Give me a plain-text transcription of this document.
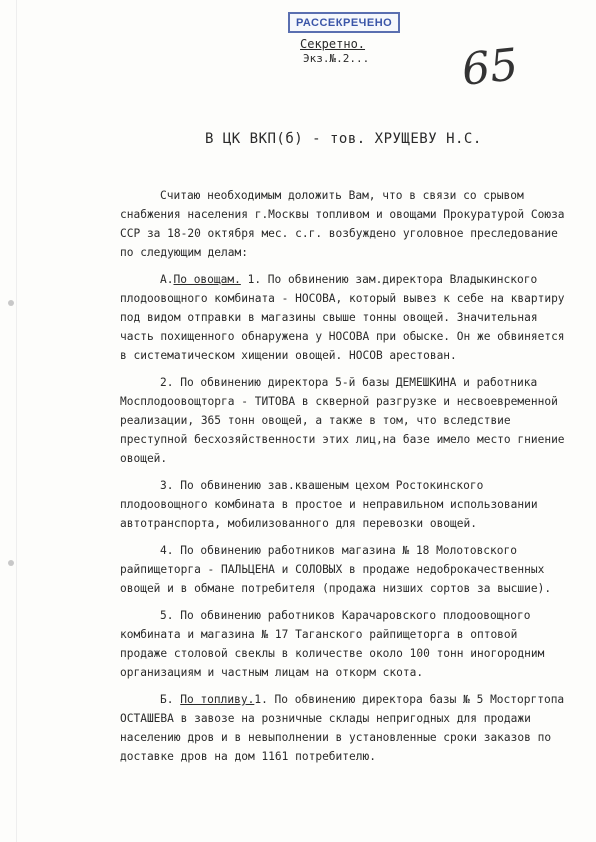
РАССЕКРЕЧЕНО
Секретно.
Экз.№.2... 65
В ЦК ВКП(б) - тов. ХРУЩЕВУ Н.С.

Считаю необходимым доложить Вам, что в связи со срывом снабжения населения г.Москвы топливом и овощами Прокуратурой Союза ССР за 18-20 октября мес. с.г. возбуждено уголовное преследование по следующим делам:

А.По овощам. 1. По обвинению зам.директора Владыкинского плодоовощного комбината - НОСОВА, который вывез к себе на квартиру под видом отправки в магазины свыше тонны овощей. Значительная часть похищенного обнаружена у НОСОВА при обыске. Он же обвиняется в систематическом хищении овощей. НОСОВ арестован.

2. По обвинению директора 5-й базы ДЕМЕШКИНА и работника Мосплодоовощторга - ТИТОВА в скверной разгрузке и несвоевременной реализации, 365 тонн овощей, а также в том, что вследствие преступной бесхозяйственности этих лиц,на базе имело место гниение овощей.

3. По обвинению зав.квашеным цехом Ростокинского плодоовощного комбината в простое и неправильном использовании автотранспорта, мобилизованного для перевозки овощей.

4. По обвинению работников магазина № 18 Молотовского райпищеторга - ПАЛЬЦЕНА и СОЛОВЫХ в продаже недоброкачественных овощей и в обмане потребителя (продажа низших сортов за высшие).

5. По обвинению работников Карачаровского плодоовощного комбината и магазина № 17 Таганского райпищеторга в оптовой продаже столовой свеклы в количестве около 100 тонн иногородним организациям и частным лицам на откорм скота.

Б. По топливу.1. По обвинению директора базы № 5 Мосторгтопа ОСТАШЕВА в завозе на розничные склады непригодных для продажи населению дров и в невыполнении в установленные сроки заказов по доставке дров на дом 1161 потребителю.
